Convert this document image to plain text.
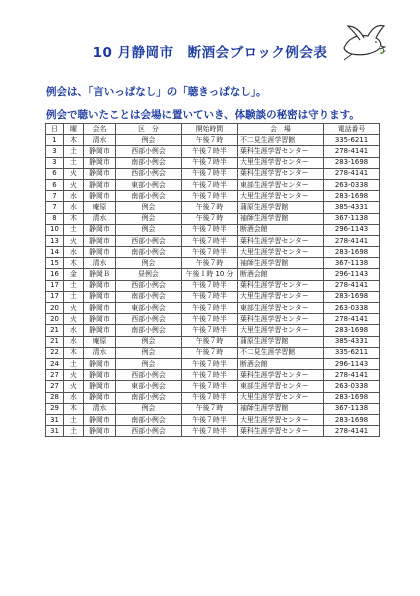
10 月静岡市　断酒会ブロック例会表
例会は、「言いっぱなし」の「聴きっぱなし」。
例会で聴いたことは会場に置いていき、体験談の秘密は守ります。
日	曜	会名	区　分	開始時間	会　場	電話番号
1	木	清水	例会	午後７時	不二見生涯学習館	335-6211
3	土	静岡市	西部小例会	午後７時半	葉科生涯学習センター	278-4141
3	土	静岡市	南部小例会	午後７時半	大里生涯学習センター	283-1698
6	火	静岡市	西部小例会	午後７時半	葉科生涯学習センター	278-4141
6	火	静岡市	東部小例会	午後７時半	東部生涯学習センター	263-0338
7	水	静岡市	南部小例会	午後７時半	大里生涯学習センター	283-1698
7	水	庵原	例会	午後７時	蒲原生涯学習館	385-4331
8	木	清水	例会	午後７時	袖師生涯学習館	367-1138
10	土	静岡市	例会	午後７時半	断酒会館	296-1143
13	火	静岡市	西部小例会	午後７時半	葉科生涯学習センター	278-4141
14	水	静岡市	南部小例会	午後７時半	大里生涯学習センター	283-1698
15	木	清水	例会	午後７時	袖師生涯学習館	367-1138
16	金	静岡Ｂ	昼例会	午後１時 10 分	断酒会館	296-1143
17	土	静岡市	西部小例会	午後７時半	葉科生涯学習センター	278-4141
17	土	静岡市	南部小例会	午後７時半	大里生涯学習センター	283-1698
20	火	静岡市	東部小例会	午後７時半	東部生涯学習センター	263-0338
20	火	静岡市	西部小例会	午後７時半	葉科生涯学習センター	278-4141
21	水	静岡市	南部小例会	午後７時半	大里生涯学習センター	283-1698
21	水	庵原	例会	午後７時	蒲原生涯学習館	385-4331
22	木	清水	例会	午後７時	不二見生涯学習館	335-6211
24	土	静岡市	例会	午後７時半	断酒会館	296-1143
27	火	静岡市	西部小例会	午後７時半	葉科生涯学習センター	278-4141
27	火	静岡市	東部小例会	午後７時半	東部生涯学習センター	263-0338
28	水	静岡市	南部小例会	午後７時半	大里生涯学習センター	283-1698
29	木	清水	例会	午後７時	袖師生涯学習館	367-1138
31	土	静岡市	南部小例会	午後７時半	大里生涯学習センター	283-1698
31	土	静岡市	西部小例会	午後７時半	葉科生涯学習センター	278-4141
